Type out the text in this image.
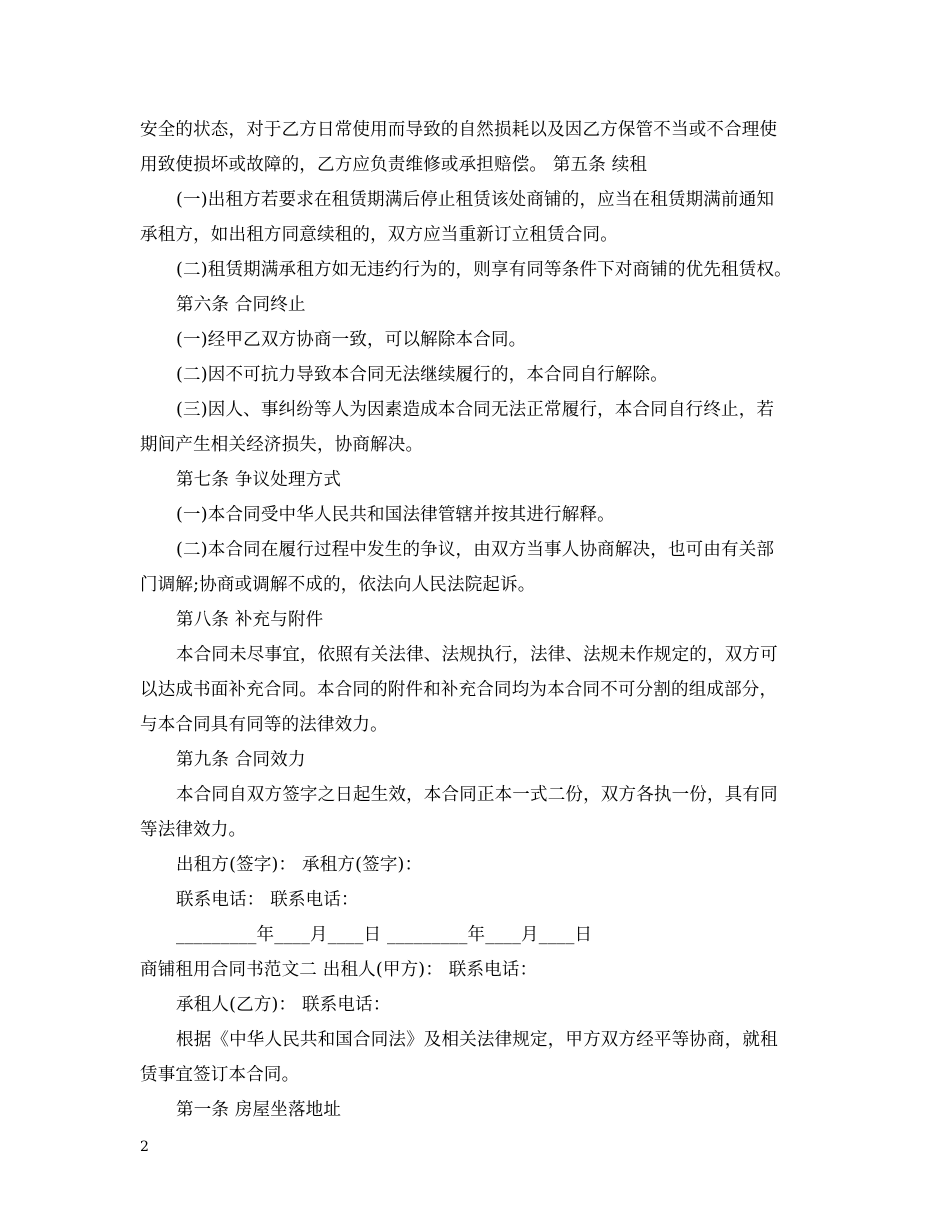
安全的状态，对于乙方日常使用而导致的自然损耗以及因乙方保管不当或不合理使
用致使损坏或故障的，乙方应负责维修或承担赔偿。 第五条 续租
(一)出租方若要求在租赁期满后停止租赁该处商铺的，应当在租赁期满前通知
承租方，如出租方同意续租的，双方应当重新订立租赁合同。
(二)租赁期满承租方如无违约行为的，则享有同等条件下对商铺的优先租赁权。
第六条 合同终止
(一)经甲乙双方协商一致，可以解除本合同。
(二)因不可抗力导致本合同无法继续履行的，本合同自行解除。
(三)因人、事纠纷等人为因素造成本合同无法正常履行，本合同自行终止，若
期间产生相关经济损失，协商解决。
第七条 争议处理方式
(一)本合同受中华人民共和国法律管辖并按其进行解释。
(二)本合同在履行过程中发生的争议，由双方当事人协商解决，也可由有关部
门调解;协商或调解不成的，依法向人民法院起诉。
第八条 补充与附件
本合同未尽事宜，依照有关法律、法规执行，法律、法规未作规定的，双方可
以达成书面补充合同。本合同的附件和补充合同均为本合同不可分割的组成部分，
与本合同具有同等的法律效力。
第九条 合同效力
本合同自双方签字之日起生效，本合同正本一式二份，双方各执一份，具有同
等法律效力。
出租方(签字)： 承租方(签字)：
联系电话： 联系电话：
_________年____月____日 _________年____月____日
商铺租用合同书范文二 出租人(甲方)： 联系电话：
承租人(乙方)： 联系电话：
根据《中华人民共和国合同法》及相关法律规定，甲方双方经平等协商，就租
赁事宜签订本合同。
第一条 房屋坐落地址
2
